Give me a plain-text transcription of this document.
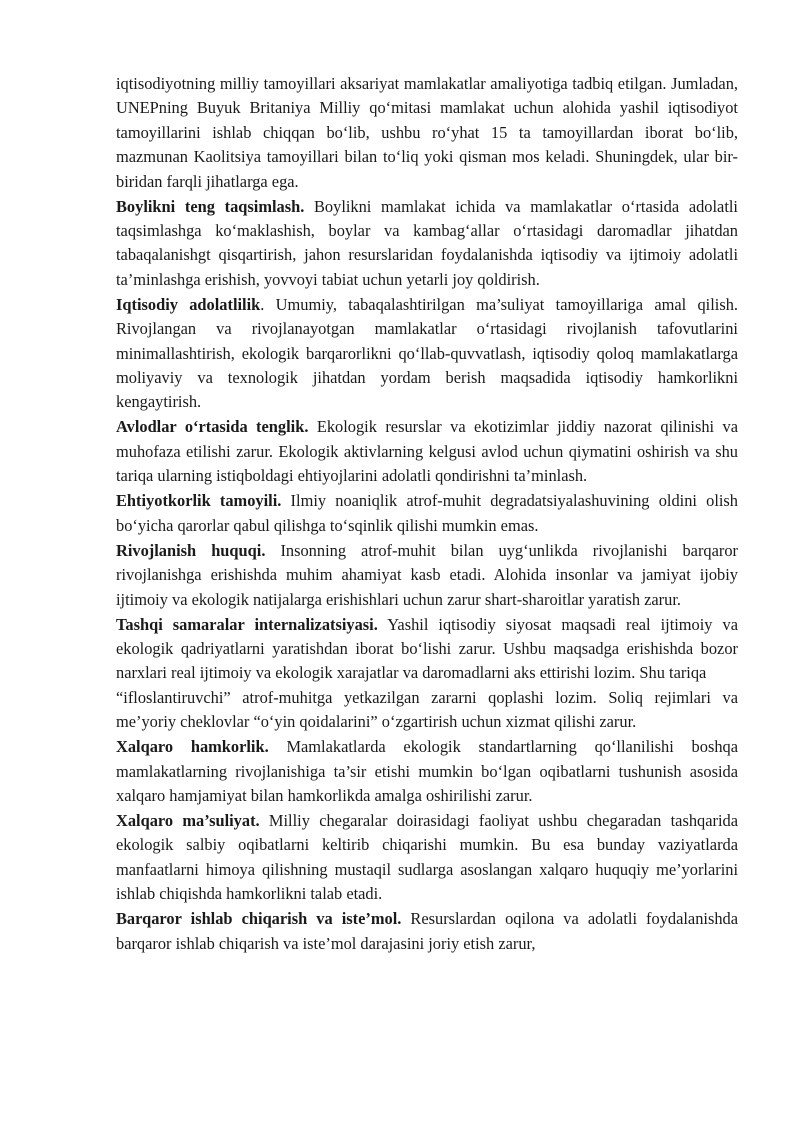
iqtisodiyotning milliy tamoyillari aksariyat mamlakatlar amaliyotiga tadbiq etilgan. Jumladan, UNEPning Buyuk Britaniya Milliy qo‘mitasi mamlakat uchun alohida yashil iqtisodiyot tamoyillarini ishlab chiqqan bo‘lib, ushbu ro‘yhat 15 ta tamoyillardan iborat bo‘lib, mazmunan Kaolitsiya tamoyillari bilan to‘liq yoki qisman mos keladi. Shuningdek, ular bir-biridan farqli jihatlarga ega.

Boylikni teng taqsimlash. Boylikni mamlakat ichida va mamlakatlar o‘rtasida adolatli taqsimlashga ko‘maklashish, boylar va kambag‘allar o‘rtasidagi daromadlar jihatdan tabaqalanishgt qisqartirish, jahon resurslaridan foydalanishda iqtisodiy va ijtimoiy adolatli ta’minlashga erishish, yovvoyi tabiat uchun yetarli joy qoldirish.

Iqtisodiy adolatlilik. Umumiy, tabaqalashtirilgan ma’suliyat tamoyillariga amal qilish. Rivojlangan va rivojlanayotgan mamlakatlar o‘rtasidagi rivojlanish tafovutlarini minimallashtirish, ekologik barqarorlikni qo‘llab-quvvatlash, iqtisodiy qoloq mamlakatlarga moliyaviy va texnologik jihatdan yordam berish maqsadida iqtisodiy hamkorlikni kengaytirish.

Avlodlar o‘rtasida tenglik. Ekologik resurslar va ekotizimlar jiddiy nazorat qilinishi va muhofaza etilishi zarur. Ekologik aktivlarning kelgusi avlod uchun qiymatini oshirish va shu tariqa ularning istiqboldagi ehtiyojlarini adolatli qondirishni ta’minlash.

Ehtiyotkorlik tamoyili. Ilmiy noaniqlik atrof-muhit degradatsiyalashuvining oldini olish bo‘yicha qarorlar qabul qilishga to‘sqinlik qilishi mumkin emas.

Rivojlanish huquqi. Insonning atrof-muhit bilan uyg‘unlikda rivojlanishi barqaror rivojlanishga erishishda muhim ahamiyat kasb etadi. Alohida insonlar va jamiyat ijobiy ijtimoiy va ekologik natijalarga erishishlari uchun zarur shart-sharoitlar yaratish zarur.

Tashqi samaralar internalizatsiyasi. Yashil iqtisodiy siyosat maqsadi real ijtimoiy va ekologik qadriyatlarni yaratishdan iborat bo‘lishi zarur. Ushbu maqsadga erishishda bozor narxlari real ijtimoiy va ekologik xarajatlar va daromadlarni aks ettirishi lozim. Shu tariqa
“ifloslantiruvchi” atrof-muhitga yetkazilgan zararni qoplashi lozim. Soliq rejimlari va me’yoriy cheklovlar “o‘yin qoidalarini” o‘zgartirish uchun xizmat qilishi zarur.

Xalqaro hamkorlik. Mamlakatlarda ekologik standartlarning qo‘llanilishi boshqa mamlakatlarning rivojlanishiga ta’sir etishi mumkin bo‘lgan oqibatlarni tushunish asosida xalqaro hamjamiyat bilan hamkorlikda amalga oshirilishi zarur.

Xalqaro ma’suliyat. Milliy chegaralar doirasidagi faoliyat ushbu chegaradan tashqarida ekologik salbiy oqibatlarni keltirib chiqarishi mumkin. Bu esa bunday vaziyatlarda manfaatlarni himoya qilishning mustaqil sudlarga asoslangan xalqaro huquqiy me’yorlarini ishlab chiqishda hamkorlikni talab etadi.

Barqaror ishlab chiqarish va iste’mol. Resurslardan oqilona va adolatli foydalanishda barqaror ishlab chiqarish va iste’mol darajasini joriy etish zarur,
